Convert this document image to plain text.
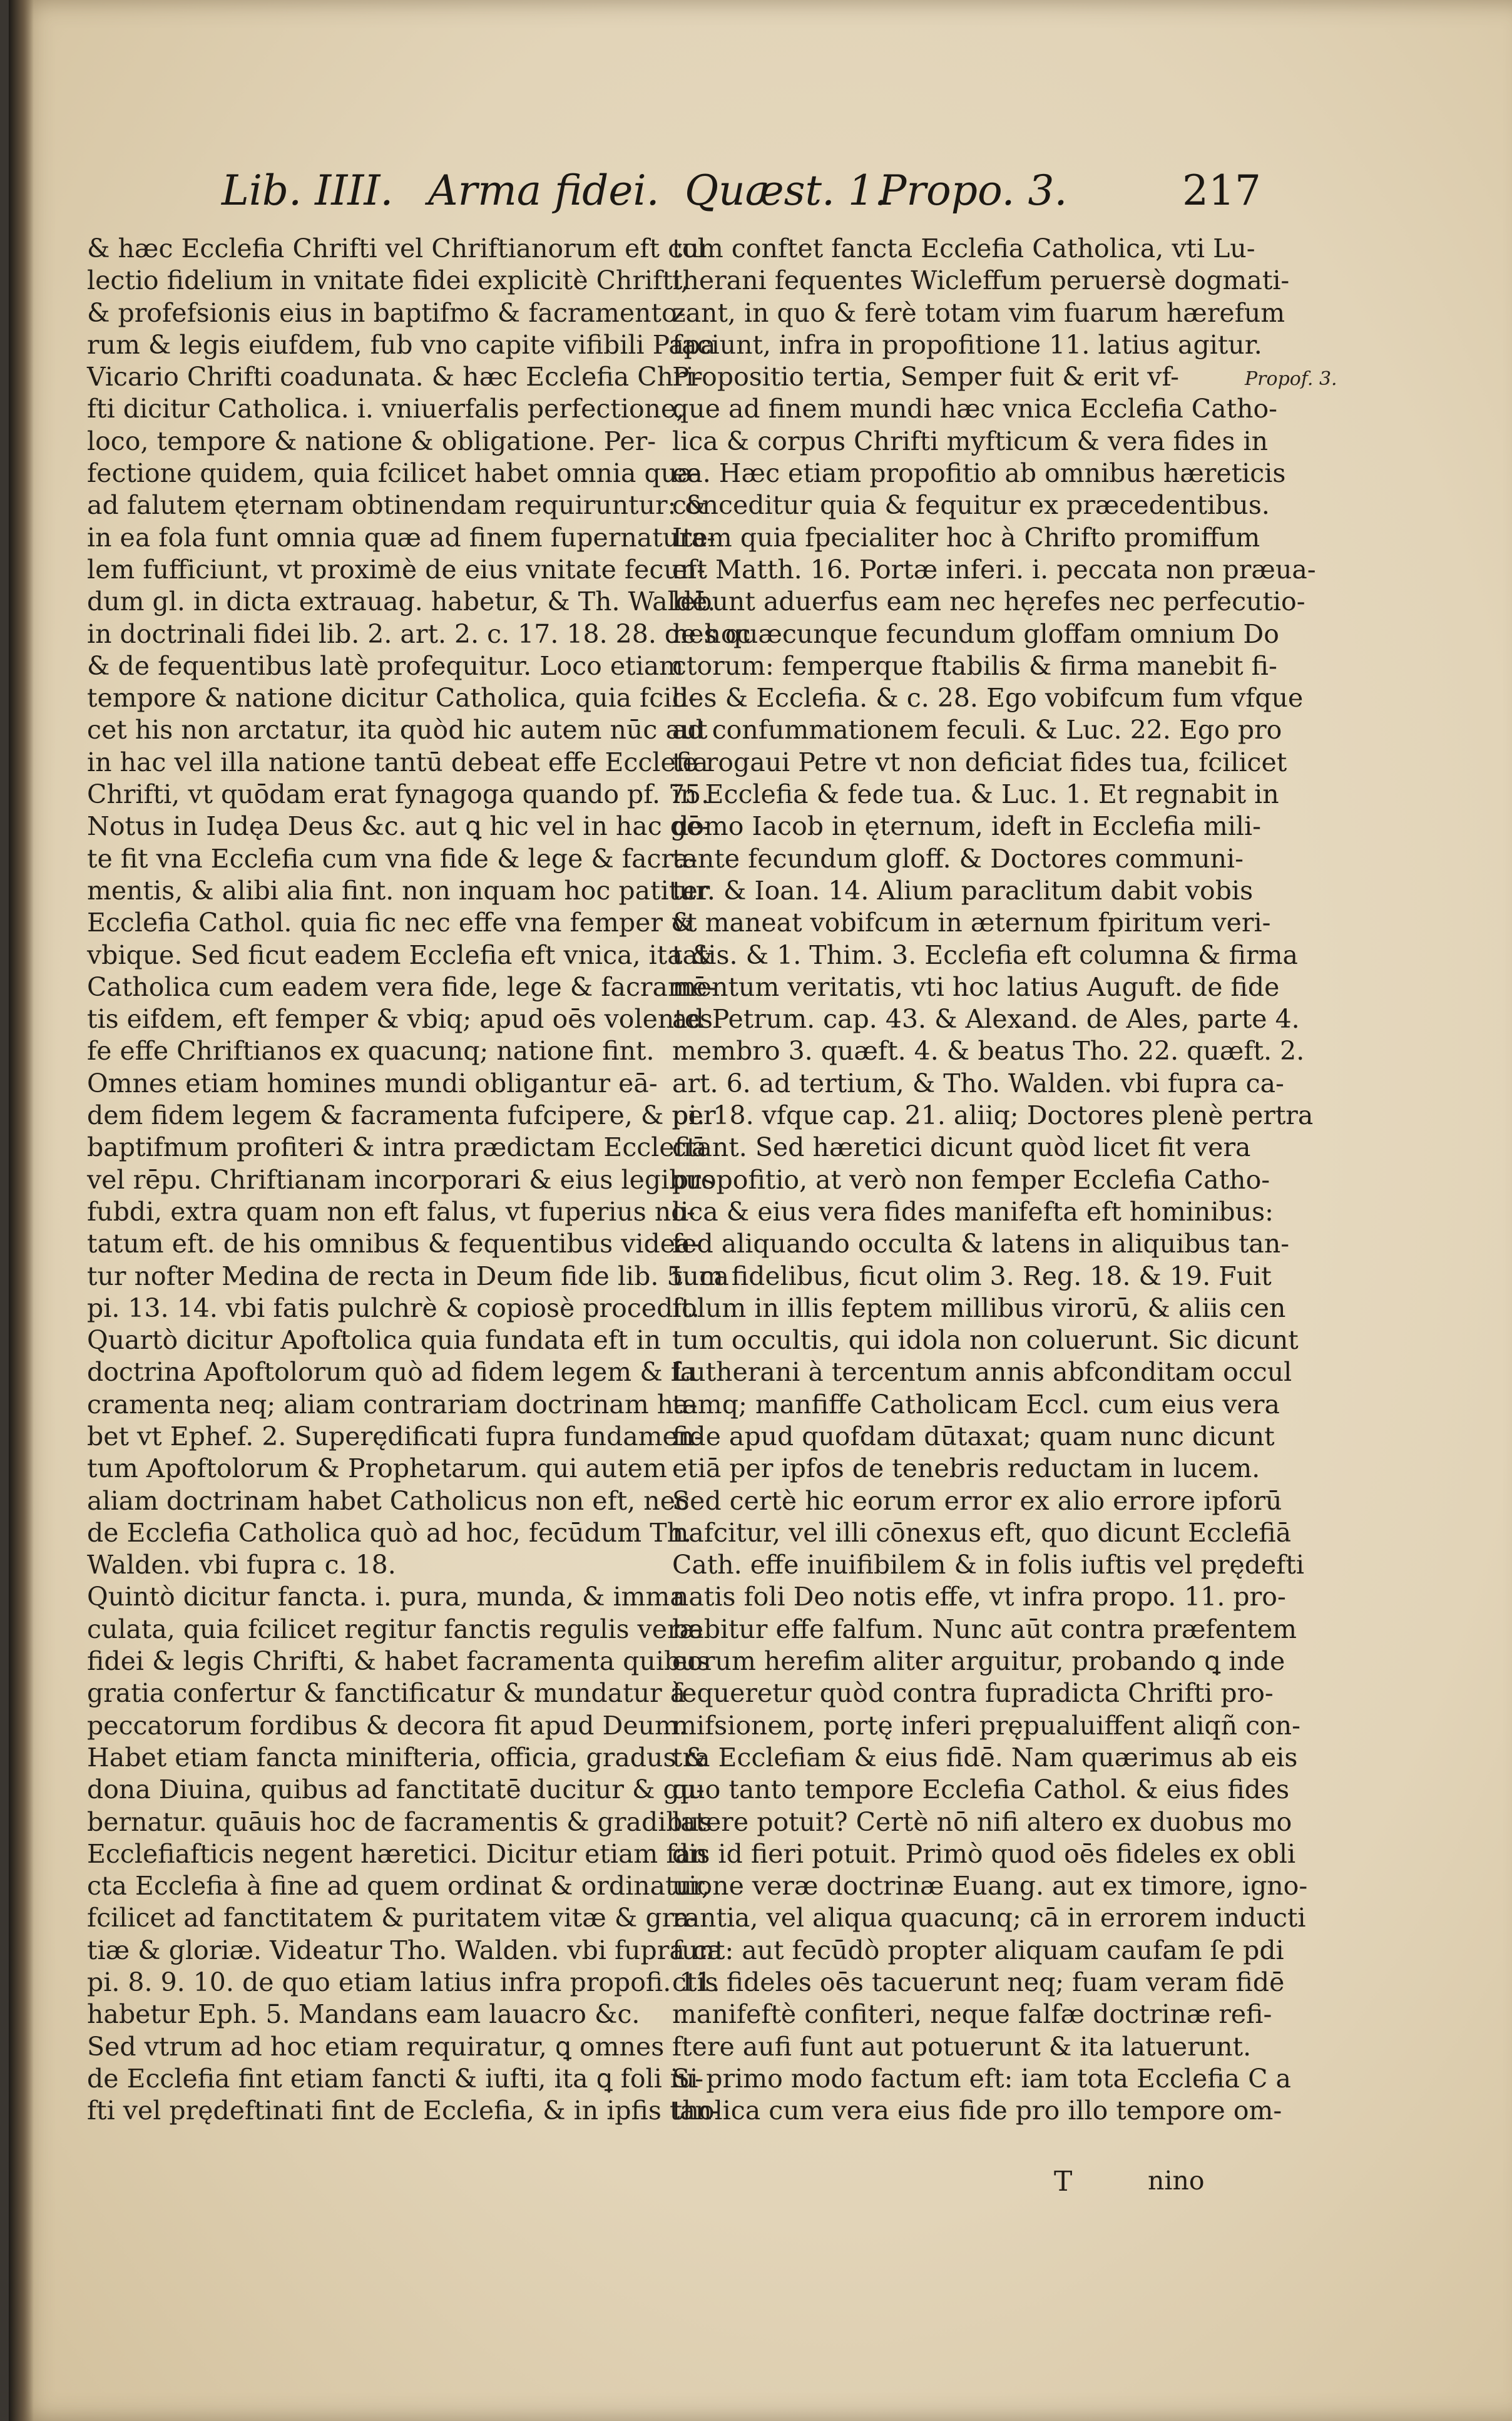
Lib. IIII. Arma fidei. Quæst. 1.
Propo. 3.	217
& hæc Ecclefia Chrifti vel Chriftianorum eft col
lectio fidelium in vnitate fidei explicitè Chrifti,
& profefsionis eius in baptifmo & facramento-
rum & legis eiufdem, fub vno capite vifibili Papa
Vicario Chrifti coadunata. & hæc Ecclefia Chri-
fti dicitur Catholica. i. vniuerfalis perfectione,
loco, tempore & natione & obligatione. Per-
fectione quidem, quia fcilicet habet omnia quæ
ad falutem ęternam obtinendam requiruntur: &
in ea fola funt omnia quæ ad finem fupernatura-
lem fufficiunt, vt proximè de eius vnitate fecun-
dum gl. in dicta extrauag. habetur, & Th. Waldē.
in doctrinali fidei lib. 2. art. 2. c. 17. 18. 28. de hoc
& de fequentibus latè profequitur. Loco etiam
tempore & natione dicitur Catholica, quia fcili-
cet his non arctatur, ita quòd hic autem nūc aut
in hac vel illa natione tantū debeat effe Ecclefia
Chrifti, vt quōdam erat fynagoga quando pf. 75.
Notus in Iudęa Deus &c. aut ꝗ hic vel in hac gē-
te fit vna Ecclefia cum vna fide & lege & facra-
mentis, & alibi alia fint. non inquam hoc patitur
Ecclefia Cathol. quia fic nec effe vna femper &
vbique. Sed ficut eadem Ecclefia eft vnica, ita &
Catholica cum eadem vera fide, lege & facramē-
tis eifdem, eft femper & vbiq; apud oēs volentes
fe effe Chriftianos ex quacunq; natione fint.
Omnes etiam homines mundi obligantur eā-
dem fidem legem & facramenta fufcipere, & per
baptifmum profiteri & intra prædictam Ecclefiā
vel rēpu. Chriftianam incorporari & eius legibus
fubdi, extra quam non eft falus, vt fuperius no-
tatum eft. de his omnibus & fequentibus videa-
tur nofter Medina de recta in Deum fide lib. 5. ca
pi. 13. 14. vbi fatis pulchrè & copiosè procedit.
Quartò dicitur Apoftolica quia fundata eft in
doctrina Apoftolorum quò ad fidem legem & fa
cramenta neq; aliam contrariam doctrinam ha-
bet vt Ephef. 2. Superędificati fupra fundamen-
tum Apoftolorum & Prophetarum. qui autem
aliam doctrinam habet Catholicus non eft, nec
de Ecclefia Catholica quò ad hoc, fecūdum Th.
Walden. vbi fupra c. 18.
Quintò dicitur fancta. i. pura, munda, & imma
culata, quia fcilicet regitur fanctis regulis veræ
fidei & legis Chrifti, & habet facramenta quibus
gratia confertur & fanctificatur & mundatur à
peccatorum fordibus & decora fit apud Deum.
Habet etiam fancta minifteria, officia, gradus &
dona Diuina, quibus ad fanctitatē ducitur & gu-
bernatur. quāuis hoc de facramentis & gradibus
Ecclefiafticis negent hæretici. Dicitur etiam fan
cta Ecclefia à fine ad quem ordinat & ordinatur,
fcilicet ad fanctitatem & puritatem vitæ & gra-
tiæ & gloriæ. Videatur Tho. Walden. vbi fupra ca
pi. 8. 9. 10. de quo etiam latius infra propofi. 11.
habetur Eph. 5. Mandans eam lauacro &c.
Sed vtrum ad hoc etiam requiratur, ꝗ omnes
de Ecclefia fint etiam fancti & iufti, ita ꝗ foli iu-
fti vel prędeftinati fint de Ecclefia, & in ipfis tan-
tum conftet fancta Ecclefia Catholica, vti Lu-
therani fequentes Wicleffum peruersè dogmati-
zant, in quo & ferè totam vim fuarum hærefum
faciunt, infra in propofitione 11. latius agitur.
Propositio tertia, Semper fuit & erit vf-
que ad finem mundi hæc vnica Ecclefia Catho-
lica & corpus Chrifti myfticum & vera fides in
ea. Hæc etiam propofitio ab omnibus hæreticis
conceditur quia & fequitur ex præcedentibus.
Item quia fpecialiter hoc à Chrifto promiffum
eft Matth. 16. Portæ inferi. i. peccata non præua-
lebunt aduerfus eam nec hęrefes nec perfecutio-
nes quæcunque fecundum gloffam omnium Do
ctorum: femperque ftabilis & firma manebit fi-
des & Ecclefia. & c. 28. Ego vobifcum fum vfque
ad confummationem feculi. & Luc. 22. Ego pro
te rogaui Petre vt non deficiat fides tua, fcilicet
in Ecclefia & fede tua. & Luc. 1. Et regnabit in
domo Iacob in ęternum, ideft in Ecclefia mili-
tante fecundum gloff. & Doctores communi-
ter. & Ioan. 14. Alium paraclitum dabit vobis
vt maneat vobifcum in æternum fpiritum veri-
tatis. & 1. Thim. 3. Ecclefia eft columna & firma
mentum veritatis, vti hoc latius Auguft. de fide
ad Petrum. cap. 43. & Alexand. de Ales, parte 4.
membro 3. quæft. 4. & beatus Tho. 22. quæft. 2.
art. 6. ad tertium, & Tho. Walden. vbi fupra ca-
pi. 18. vfque cap. 21. aliiq; Doctores plenè pertra
ctant. Sed hæretici dicunt quòd licet fit vera
propofitio, at verò non femper Ecclefia Catho-
lica & eius vera fides manifefta eft hominibus:
fed aliquando occulta & latens in aliquibus tan-
tum fidelibus, ficut olim 3. Reg. 18. & 19. Fuit
folum in illis feptem millibus virorū, & aliis cen
tum occultis, qui idola non coluerunt. Sic dicunt
Lutherani à tercentum annis abfconditam occul
tamq; manfiffe Catholicam Eccl. cum eius vera
fide apud quofdam dūtaxat; quam nunc dicunt
etiā per ipfos de tenebris reductam in lucem.
Sed certè hic eorum error ex alio errore ipforū
nafcitur, vel illi cōnexus eft, quo dicunt Ecclefiā
Cath. effe inuifibilem & in folis iuftis vel prędefti
natis foli Deo notis effe, vt infra propo. 11. pro-
babitur effe falfum. Nunc aūt contra præfentem
eorum herefim aliter arguitur, probando ꝗ inde
fequeretur quòd contra fupradicta Chrifti pro-
mifsionem, portę inferi prępualuiffent aliqñ con-
tra Ecclefiam & eius fidē. Nam quærimus ab eis
quo tanto tempore Ecclefia Cathol. & eius fides
latere potuit? Certè nō nifi altero ex duobus mo
dis id fieri potuit. Primò quod oēs fideles ex obli
uione veræ doctrinæ Euang. aut ex timore, igno-
rantia, vel aliqua quacunq; cā in errorem inducti
funt: aut fecūdò propter aliquam caufam ſe pdi
ctis fideles oēs tacuerunt neq; fuam veram fidē
manifeftè confiteri, neque falfæ doctrinæ refi-
ftere aufi funt aut potuerunt & ita latuerunt.
Si primo modo factum eft: iam tota Ecclefia C a
tholica cum vera eius fide pro illo tempore om-
Propof. 3.
T	nino
